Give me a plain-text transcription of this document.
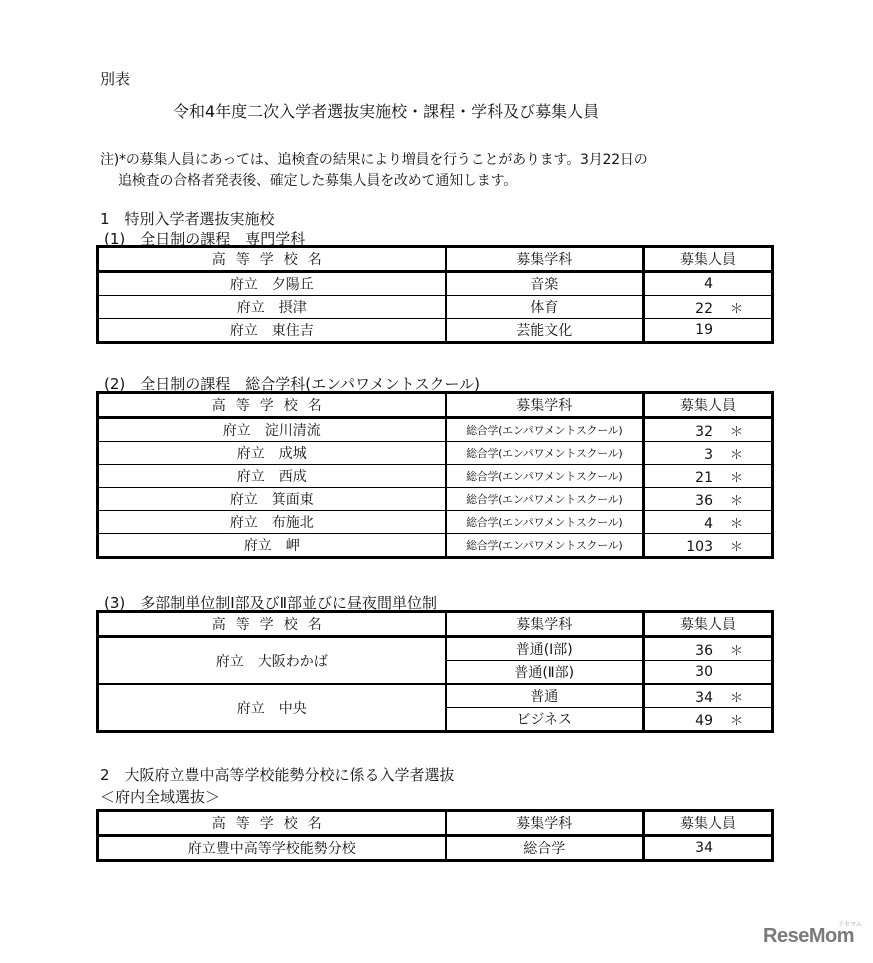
別表
令和4年度二次入学者選抜実施校・課程・学科及び募集人員
注)*の募集人員にあっては、追検査の結果により増員を行うことがあります。3月22日の
追検査の合格者発表後、確定した募集人員を改めて通知します。
1　特別入学者選抜実施校
(1)　全日制の課程　専門学科
高等学校名	募集学科	募集人員
府立　夕陽丘	音楽	4
府立　摂津	体育	22 ＊
府立　東住吉	芸能文化	19
(2)　全日制の課程　総合学科(エンパワメントスクール)
高等学校名	募集学科	募集人員
府立　淀川清流	総合学(エンパワメントスクール)	32 ＊
府立　成城	総合学(エンパワメントスクール)	3 ＊
府立　西成	総合学(エンパワメントスクール)	21 ＊
府立　箕面東	総合学(エンパワメントスクール)	36 ＊
府立　布施北	総合学(エンパワメントスクール)	4 ＊
府立　岬	総合学(エンパワメントスクール)	103 ＊
(3)　多部制単位制Ⅰ部及びⅡ部並びに昼夜間単位制
高等学校名	募集学科	募集人員
府立　大阪わかば	普通(Ⅰ部)	36 ＊
	普通(Ⅱ部)	30
府立　中央	普通	34 ＊
	ビジネス	49 ＊
2　大阪府立豊中高等学校能勢分校に係る入学者選抜
＜府内全域選抜＞
高等学校名	募集学科	募集人員
府立豊中高等学校能勢分校	総合学	34
ReseMom
リセマム
